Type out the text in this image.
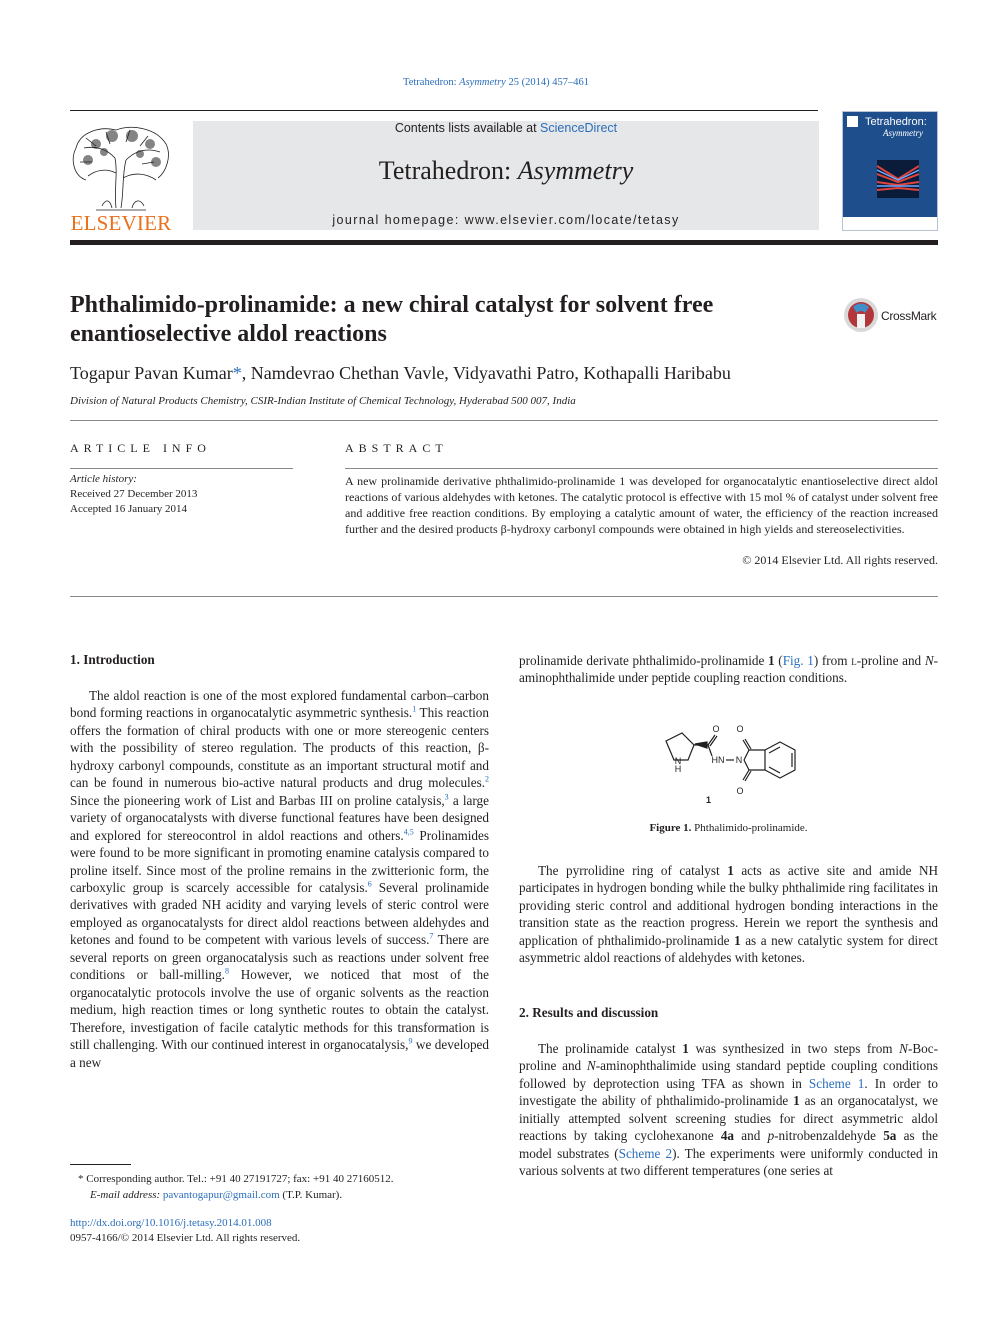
Tetrahedron: Asymmetry 25 (2014) 457–461
ELSEVIER
Contents lists available at ScienceDirect
Tetrahedron: Asymmetry
journal homepage: www.elsevier.com/locate/tetasy
Tetrahedron:
Asymmetry
Phthalimido-prolinamide: a new chiral catalyst for solvent free
enantioselective aldol reactions
CrossMark
Togapur Pavan Kumar*, Namdevrao Chethan Vavle, Vidyavathi Patro, Kothapalli Haribabu
Division of Natural Products Chemistry, CSIR-Indian Institute of Chemical Technology, Hyderabad 500 007, India
ARTICLE INFO
Article history:
Received 27 December 2013
Accepted 16 January 2014
ABSTRACT
A new prolinamide derivative phthalimido-prolinamide 1 was developed for organocatalytic enantioselective direct aldol reactions of various aldehydes with ketones. The catalytic protocol is effective with 15 mol % of catalyst under solvent free and additive free reaction conditions. By employing a catalytic amount of water, the efficiency of the reaction increased further and the desired products β-hydroxy carbonyl compounds were obtained in high yields and stereoselectivities.
© 2014 Elsevier Ltd. All rights reserved.
1. Introduction

The aldol reaction is one of the most explored fundamental carbon–carbon bond forming reactions in organocatalytic asymmetric synthesis.$^1$ This reaction offers the formation of chiral products with one or more stereogenic centers with the possibility of stereo regulation. The products of this reaction, β-hydroxy carbonyl compounds, constitute as an important structural motif and can be found in numerous bio-active natural products and drug molecules.$^2$ Since the pioneering work of List and Barbas III on proline catalysis,$^3$ a large variety of organocatalysts with diverse functional features have been designed and explored for stereocontrol in aldol reactions and others.$^{4,5}$ Prolinamides were found to be more significant in promoting enamine catalysis compared to proline itself. Since most of the proline remains in the zwitterionic form, the carboxylic group is scarcely accessible for catalysis.$^6$ Several prolinamide derivatives with graded NH acidity and varying levels of steric control were employed as organocatalysts for direct aldol reactions between aldehydes and ketones and found to be competent with various levels of success.$^7$ There are several reports on green organocatalysis such as reactions under solvent free conditions or ball-milling.$^8$ However, we noticed that most of the organocatalytic protocols involve the use of organic solvents as the reaction medium, high reaction times or long synthetic routes to obtain the catalyst. Therefore, investigation of facile catalytic methods for this transformation is still challenging. With our continued interest in organocatalysis,$^9$ we developed a new

* Corresponding author. Tel.: +91 40 27191727; fax: +91 40 27160512.
E-mail address: pavantogapur@gmail.com (T.P. Kumar).
http://dx.doi.org/10.1016/j.tetasy.2014.01.008
0957-4166/© 2014 Elsevier Ltd. All rights reserved.
prolinamide derivate phthalimido-prolinamide 1 (Fig. 1) from l-proline and N-aminophthalimide under peptide coupling reaction conditions.
O O
N
H
HN N
O
1
Figure 1. Phthalimido-prolinamide.

The pyrrolidine ring of catalyst 1 acts as active site and amide NH participates in hydrogen bonding while the bulky phthalimide ring facilitates in providing steric control and additional hydrogen bonding interactions in the transition state as the reaction progress. Herein we report the synthesis and application of phthalimido-prolinamide 1 as a new catalytic system for direct asymmetric aldol reactions of aldehydes with ketones.

2. Results and discussion

The prolinamide catalyst 1 was synthesized in two steps from N-Boc-proline and N-aminophthalimide using standard peptide coupling conditions followed by deprotection using TFA as shown in Scheme 1. In order to investigate the ability of phthalimido-prolinamide 1 as an organocatalyst, we initially attempted solvent screening studies for direct asymmetric aldol reactions by taking cyclohexanone 4a and p-nitrobenzaldehyde 5a as the model substrates (Scheme 2). The experiments were uniformly conducted in various solvents at two different temperatures (one series at
